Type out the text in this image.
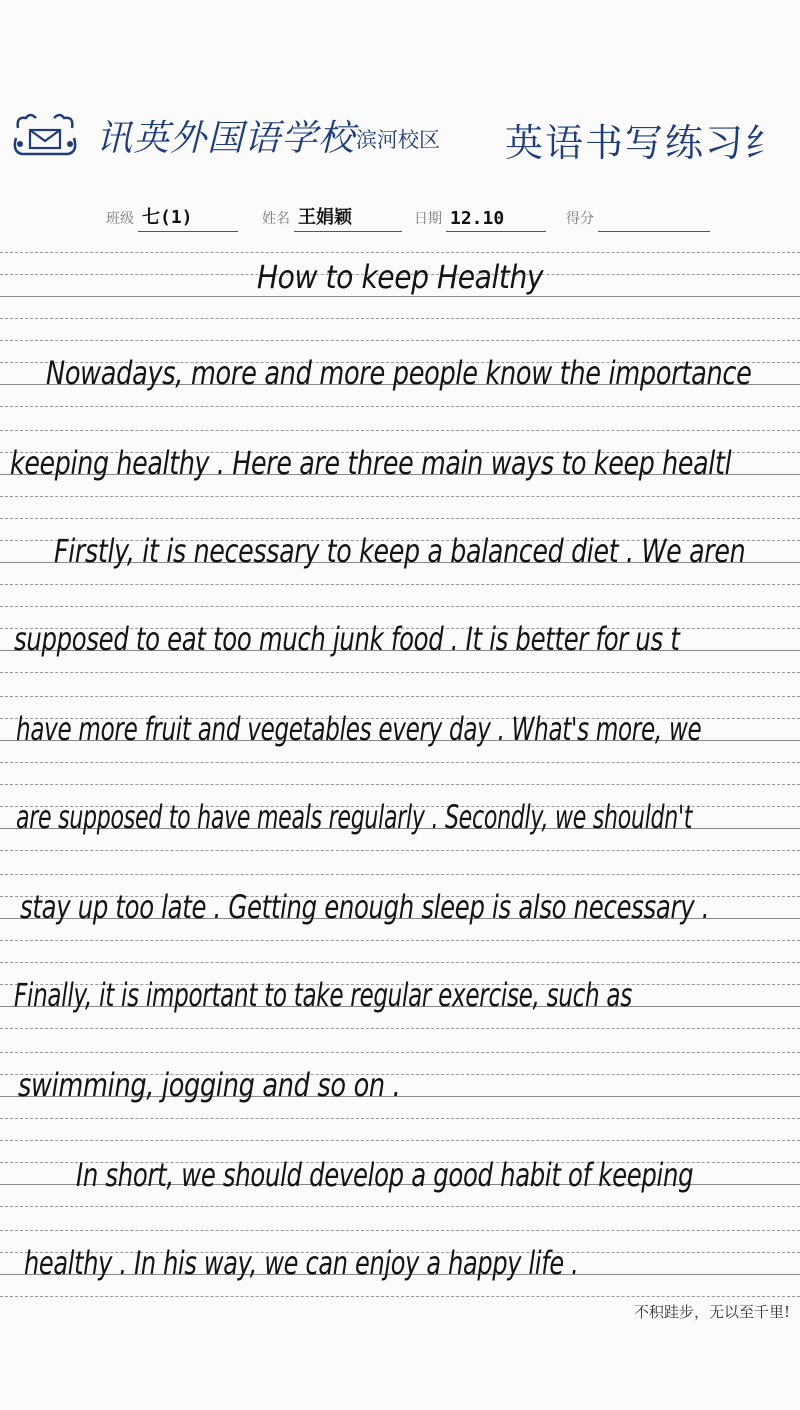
讯英外国语学校 滨河校区 英语书写练习纟
班级 七(1)	姓名 王娟颖	日期 12.10	得分
How to keep Healthy
Nowadays, more and more people know the importance
keeping healthy . Here are three main ways to keep healtl
Firstly, it is necessary to keep a balanced diet . We aren
supposed to eat too much junk food . It is better for us t
have more fruit and vegetables every day . What's more, we
are supposed to have meals regularly . Secondly, we shouldn't
stay up too late . Getting enough sleep is also necessary .
Finally, it is important to take regular exercise, such as
swimming, jogging and so on .
In short, we should develop a good habit of keeping
healthy . In his way, we can enjoy a happy life .
不积跬步，无以至千里!
